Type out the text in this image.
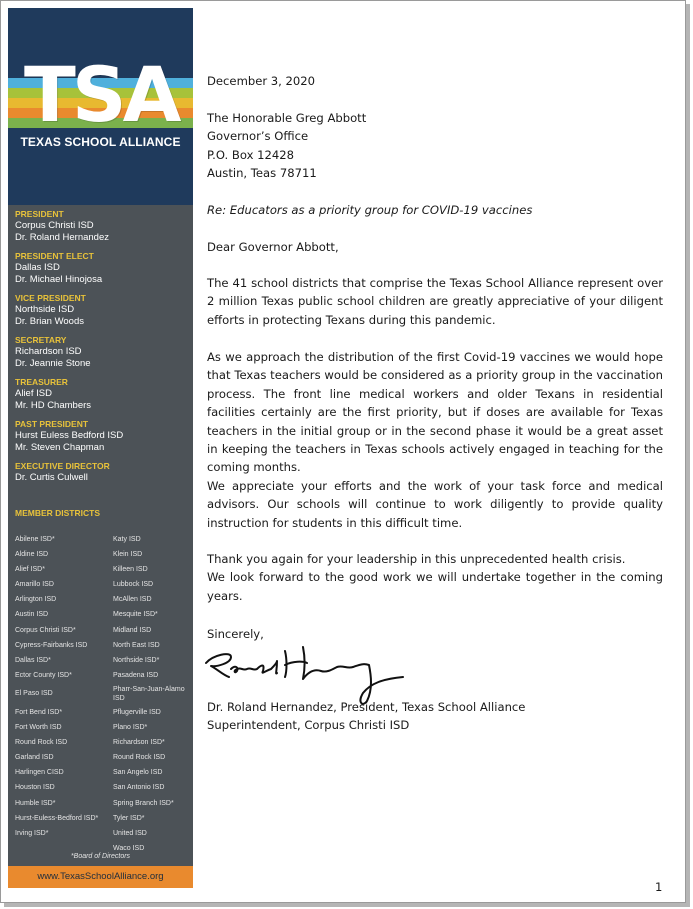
TSA
TEXAS SCHOOL ALLIANCE
PRESIDENT
Corpus Christi ISD
Dr. Roland Hernandez
PRESIDENT ELECT
Dallas ISD
Dr. Michael Hinojosa
VICE PRESIDENT
Northside ISD
Dr. Brian Woods
SECRETARY
Richardson ISD
Dr. Jeannie Stone
TREASURER
Alief ISD
Mr. HD Chambers
PAST PRESIDENT
Hurst Euless Bedford ISD
Mr. Steven Chapman
EXECUTIVE DIRECTOR
Dr. Curtis Culwell
MEMBER DISTRICTS
Abilene ISD*
Aldine ISD
Alief ISD*
Amarillo ISD
Arlington ISD
Austin ISD
Corpus Christi ISD*
Cypress-Fairbanks ISD
Dallas ISD*
Ector County ISD*
El Paso ISD
Fort Bend ISD*
Fort Worth ISD
Round Rock ISD
Garland ISD
Harlingen CISD
Houston ISD
Humble ISD*
Hurst-Euless-Bedford ISD*
Irving ISD*
Katy ISD
Klein ISD
Killeen ISD
Lubbock ISD
McAllen ISD
Mesquite ISD*
Midland ISD
North East ISD
Northside ISD*
Pasadena ISD
Pharr-San-Juan-Alamo ISD
Pflugerville ISD
Plano ISD*
Richardson ISD*
Round Rock ISD
San Angelo ISD
San Antonio ISD
Spring Branch ISD*
Tyler ISD*
United ISD
Waco ISD
*Board of Directors
www.TexasSchoolAlliance.org
December 3, 2020
The Honorable Greg Abbott
Governor’s Office
P.O. Box 12428
Austin, Teas 78711
Re: Educators as a priority group for COVID-19 vaccines
Dear Governor Abbott,
The 41 school districts that comprise the Texas School Alliance represent over 2 million Texas public school children are greatly appreciative of your diligent efforts in protecting Texans during this pandemic.
As we approach the distribution of the first Covid-19 vaccines we would hope that Texas teachers would be considered as a priority group in the vaccination process. The front line medical workers and older Texans in residential facilities certainly are the first priority, but if doses are available for Texas teachers in the initial group or in the second phase it would be a great asset in keeping the teachers in Texas schools actively engaged in teaching for the coming months.
We appreciate your efforts and the work of your task force and medical advisors. Our schools will continue to work diligently to provide quality instruction for students in this difficult time.
Thank you again for your leadership in this unprecedented health crisis.
We look forward to the good work we will undertake together in the coming years.
Sincerely,
Dr. Roland Hernandez, President, Texas School Alliance
Superintendent, Corpus Christi ISD
1
